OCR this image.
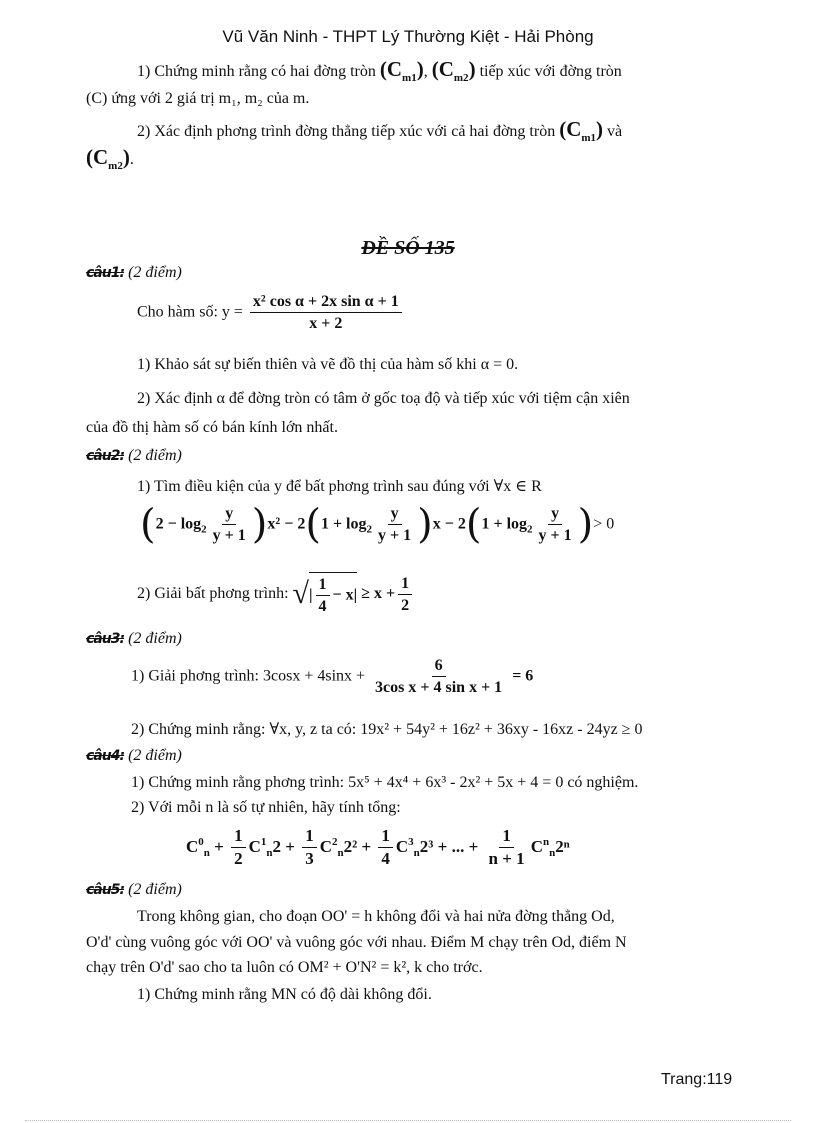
Vũ Văn Ninh - THPT Lý Thường Kiệt - Hải Phòng
1) Chứng minh rằng có hai đờng tròn $(C_{m1})$, $(C_{m2})$ tiếp xúc với đờng tròn
(C) ứng với 2 giá trị m₁, m₂ của m.
2) Xác định phơng trình đờng thẳng tiếp xúc với cả hai đờng tròn $(C_{m1})$ và
$(C_{m2})$.
ĐỀ SỐ 135
câu1: (2 điểm)
Cho hàm số: $y = \frac{\text{x² cos α + 2x sin α + 1}}{x + 2}$
1) Khảo sát sự biến thiên và vẽ đồ thị của hàm số khi α = 0.
2) Xác định α để đờng tròn có tâm ở gốc toạ độ và tiếp xúc với tiệm cận xiên
của đồ thị hàm số có bán kính lớn nhất.
câu2: (2 điểm)
1) Tìm điều kiện của y để bất phơng trình sau đúng với ∀x ∈ R
$(2 - \log_2 \frac{y}{y + 1} )x^2 - 2(1 + \log_2 \frac{y}{y + 1} )x - 2(1 + \log_2 \frac{y}{y + 1}$ )> 0
2) Giải bất phơng trình: √| $\frac{1}{4} - x| \ge x + \frac{1}{2}$
câu3: (2 điểm)
1) Giải phơng trình: $3\cos x + 4\sin x + \frac{6}{\text{3cos x + 4 sin x + 1}} = 6$
2) Chứng minh rằng: ∀x, y, z ta có: 19x² + 54y² + 16z² + 36xy - 16xz - 24yz ≥ 0
câu4: (2 điểm)
1) Chứng minh rằng phơng trình: 5x⁵ + 4x⁴ + 6x³ - 2x² + 5x + 4 = 0 có nghiệm.
2) Với mỗi n là số tự nhiên, hãy tính tổng:
$C^0_n + \frac{1}{2} C^1_n2 + \frac{1}{3} C^2_n2^2 + \frac{1}{4} C^3_n2^3$ + ... + $\frac{1}{n + 1} C^n_n2^n$
câu5: (2 điểm)
Trong không gian, cho đoạn OO' = h không đổi và hai nửa đờng thẳng Od,
O'd' cùng vuông góc với OO' và vuông góc với nhau. Điểm M chạy trên Od, điểm N
chạy trên O'd' sao cho ta luôn có OM² + O'N² = k², k cho trớc.
1) Chứng minh rằng MN có độ dài không đổi.
Trang:119
